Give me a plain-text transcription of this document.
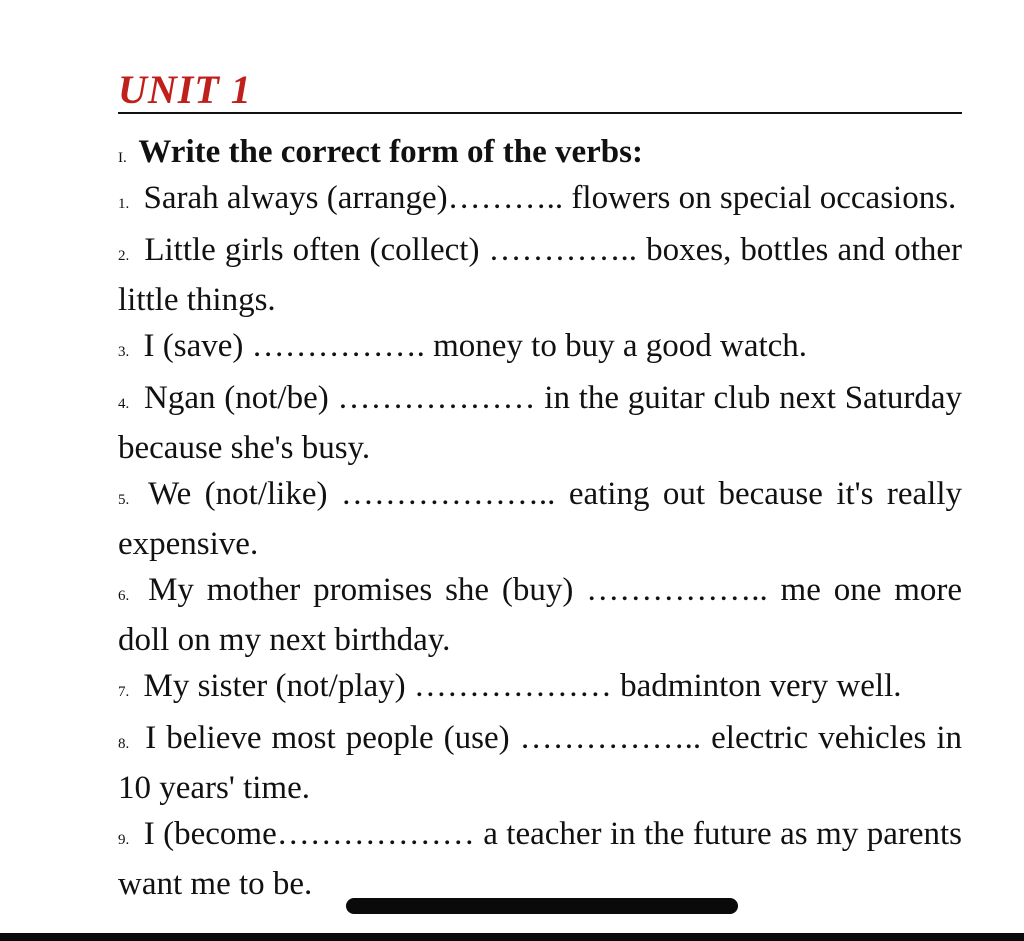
UNIT 1
I. Write the correct form of the verbs:
1. Sarah always (arrange)……….. flowers on special occasions.
2. Little girls often (collect) ………….. boxes, bottles and other little things.
3. I (save) ……………. money to buy a good watch.
4. Ngan (not/be) ……………… in the guitar club next Saturday because she's busy.
5. We (not/like) ……………….. eating out because it's really expensive.
6. My mother promises she (buy) …………….. me one more doll on my next birthday.
7. My sister (not/play) ……………… badminton very well.
8. I believe most people (use) …………….. electric vehicles in 10 years' time.
9. I (become……………… a teacher in the future as my parents want me to be.
